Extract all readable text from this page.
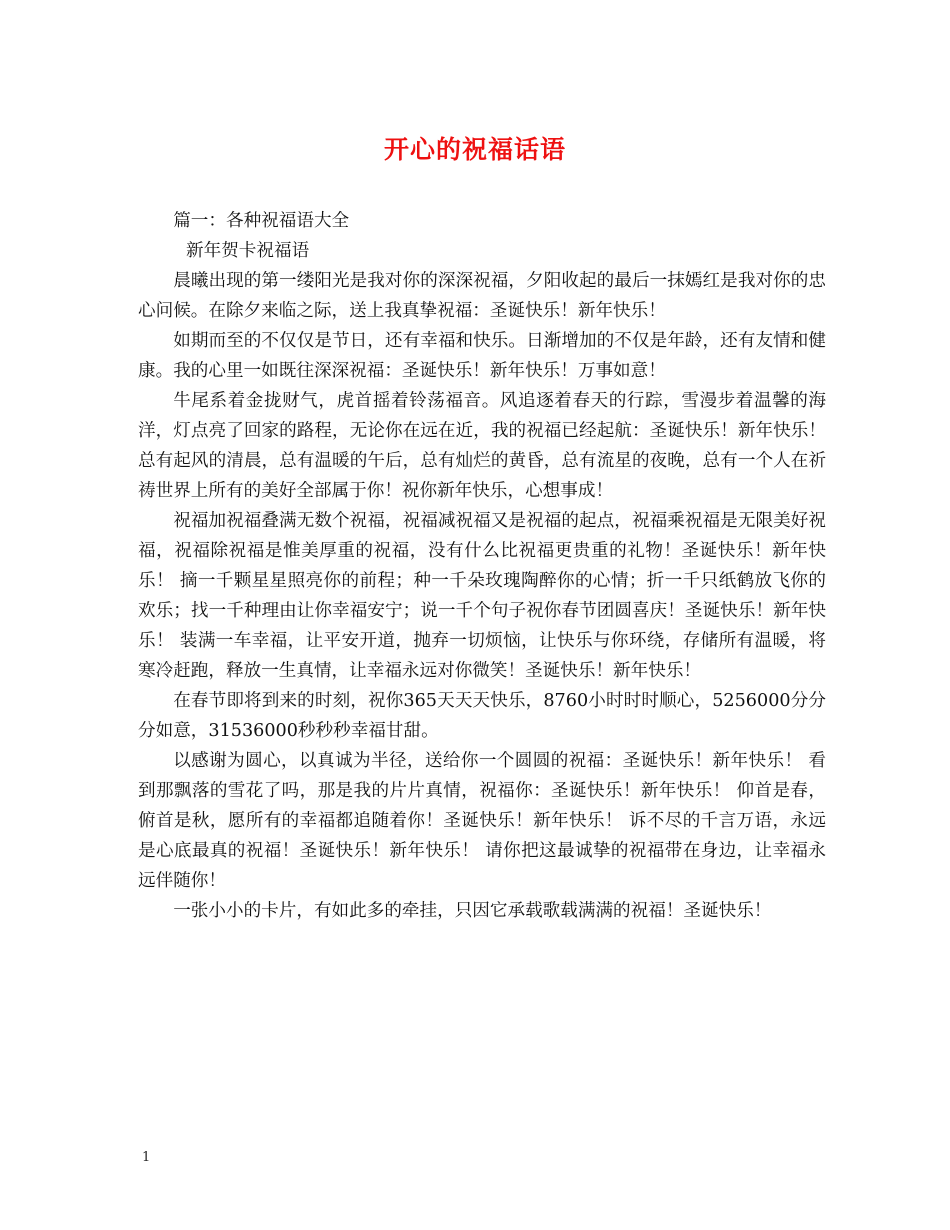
开心的祝福话语

篇一：各种祝福语大全

新年贺卡祝福语

晨曦出现的第一缕阳光是我对你的深深祝福，夕阳收起的最后一抹嫣红是我对你的忠心问候。在除夕来临之际，送上我真挚祝福：圣诞快乐！新年快乐！

如期而至的不仅仅是节日，还有幸福和快乐。日渐增加的不仅是年龄，还有友情和健康。我的心里一如既往深深祝福：圣诞快乐！新年快乐！万事如意！

牛尾系着金拢财气，虎首摇着铃荡福音。风追逐着春天的行踪，雪漫步着温馨的海洋，灯点亮了回家的路程，无论你在远在近，我的祝福已经起航：圣诞快乐！新年快乐！ 总有起风的清晨，总有温暖的午后，总有灿烂的黄昏，总有流星的夜晚，总有一个人在祈祷世界上所有的美好全部属于你！祝你新年快乐，心想事成！

祝福加祝福叠满无数个祝福，祝福减祝福又是祝福的起点，祝福乘祝福是无限美好祝福，祝福除祝福是惟美厚重的祝福，没有什么比祝福更贵重的礼物！圣诞快乐！新年快乐！ 摘一千颗星星照亮你的前程；种一千朵玫瑰陶醉你的心情；折一千只纸鹤放飞你的欢乐；找一千种理由让你幸福安宁；说一千个句子祝你春节团圆喜庆！圣诞快乐！新年快乐！ 装满一车幸福，让平安开道，抛弃一切烦恼，让快乐与你环绕，存储所有温暖，将寒冷赶跑，释放一生真情，让幸福永远对你微笑！圣诞快乐！新年快乐！

在春节即将到来的时刻，祝你365天天天快乐，8760小时时时顺心，5256000分分分如意，31536000秒秒秒幸福甘甜。

以感谢为圆心，以真诚为半径，送给你一个圆圆的祝福：圣诞快乐！新年快乐！ 看到那飘落的雪花了吗，那是我的片片真情，祝福你：圣诞快乐！新年快乐！ 仰首是春，俯首是秋，愿所有的幸福都追随着你！圣诞快乐！新年快乐！ 诉不尽的千言万语，永远是心底最真的祝福！圣诞快乐！新年快乐！ 请你把这最诚挚的祝福带在身边，让幸福永远伴随你！

一张小小的卡片，有如此多的牵挂，只因它承载歌载满满的祝福！圣诞快乐！

1
